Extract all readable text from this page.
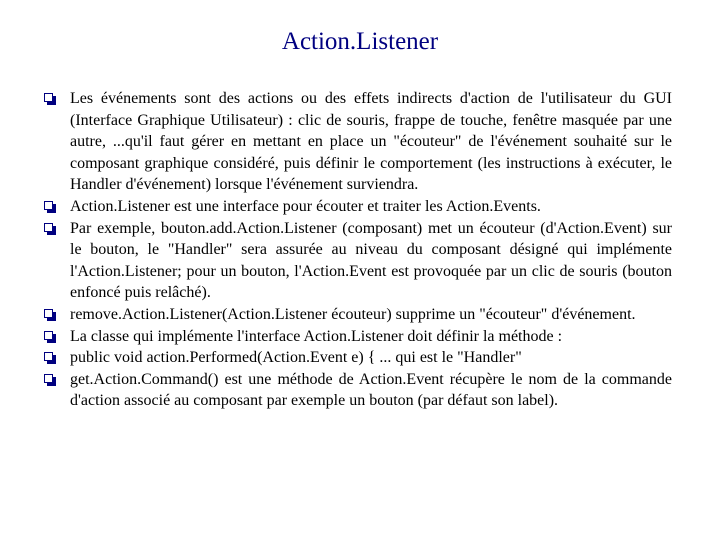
Action.Listener
Les événements sont des actions ou des effets indirects d'action de l'utilisateur du GUI (Interface Graphique Utilisateur) : clic de souris, frappe de touche, fenêtre masquée par une autre, ...qu'il faut gérer en mettant en place un "écouteur" de l'événement souhaité sur le composant graphique considéré, puis définir le comportement (les instructions à exécuter, le Handler d'événement) lorsque l'événement surviendra.
Action.Listener est une interface pour écouter et traiter les Action.Events.
Par exemple, bouton.add.Action.Listener (composant) met un écouteur (d'Action.Event) sur le bouton, le "Handler" sera assurée au niveau du composant désigné qui implémente l'Action.Listener; pour un bouton, l'Action.Event est provoquée par un clic de souris (bouton enfoncé puis relâché).
remove.Action.Listener(Action.Listener écouteur) supprime un "écouteur" d'événement.
La classe qui implémente l'interface Action.Listener doit définir la méthode :
public void action.Performed(Action.Event e) { ... qui est le "Handler"
get.Action.Command() est une méthode de Action.Event récupère le nom de la commande d'action associé au composant par exemple un bouton (par défaut son label).
